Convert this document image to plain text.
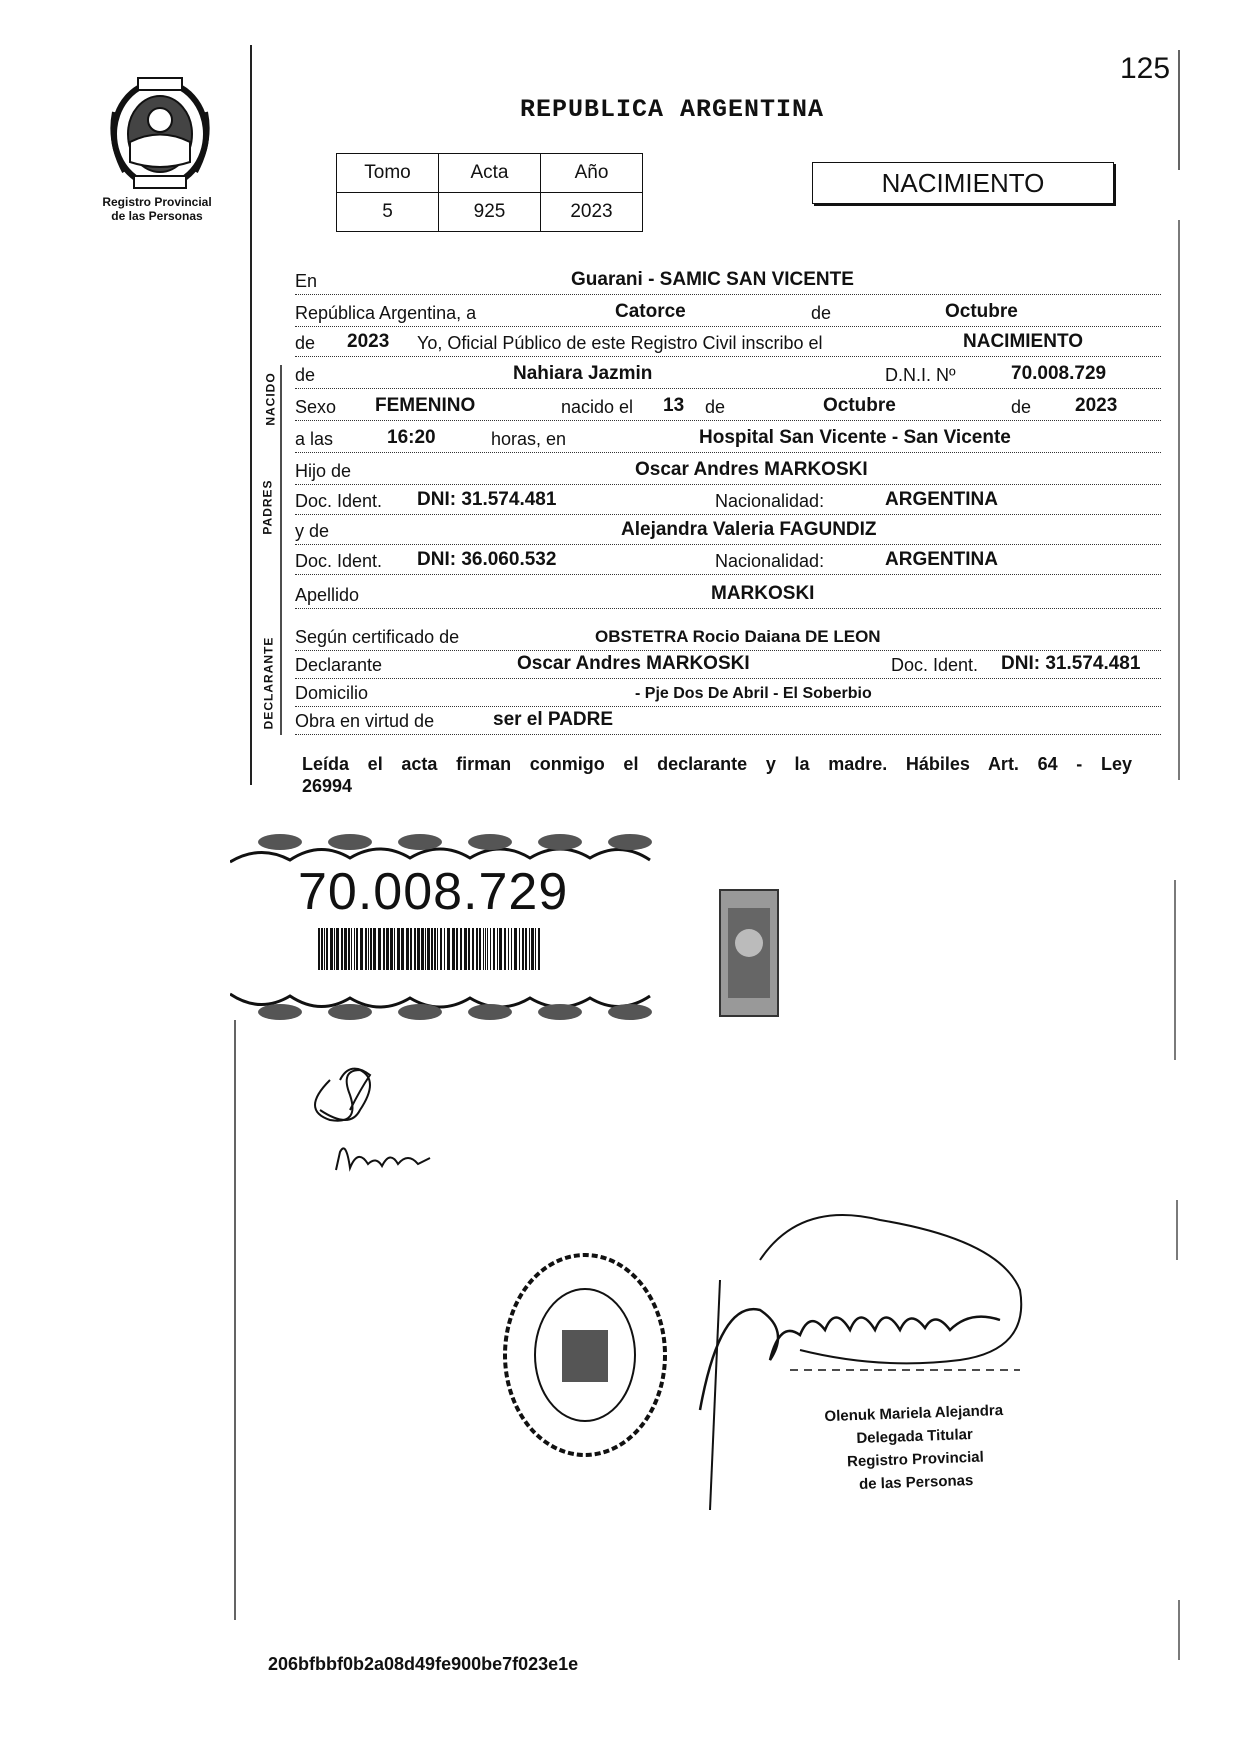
Registro Provincial
de las Personas
125
REPUBLICA ARGENTINA
Tomo	Acta	Año
5	925	2023
NACIMIENTO
En	Guarani - SAMIC SAN VICENTE
República Argentina, a	Catorce	de	Octubre
de 2023 Yo, Oficial Público de este Registro Civil inscribo el	NACIMIENTO
de	Nahiara Jazmin	D.N.I. Nº	70.008.729
Sexo FEMENINO	nacido el 13 de	Octubre	de 2023
a las	16:20	horas, en	Hospital San Vicente - San Vicente
Hijo de	Oscar Andres MARKOSKI
Doc. Ident. DNI: 31.574.481	Nacionalidad:	ARGENTINA
y de	Alejandra Valeria FAGUNDIZ
Doc. Ident. DNI: 36.060.532	Nacionalidad:	ARGENTINA
Apellido	MARKOSKI
Según certificado de	OBSTETRA Rocio Daiana DE LEON
Declarante	Oscar Andres MARKOSKI	Doc. Ident. DNI: 31.574.481
Domicilio	- Pje Dos De Abril - El Soberbio
Obra en virtud de	ser el PADRE
NACIDO
PADRES
DECLARANTE
Leída el acta firman conmigo el declarante y la madre. Hábiles Art. 64 - Ley
26994
70.008.729
Olenuk Mariela Alejandra
Delegada Titular
Registro Provincial
de las Personas
206bfbbf0b2a08d49fe900be7f023e1e
